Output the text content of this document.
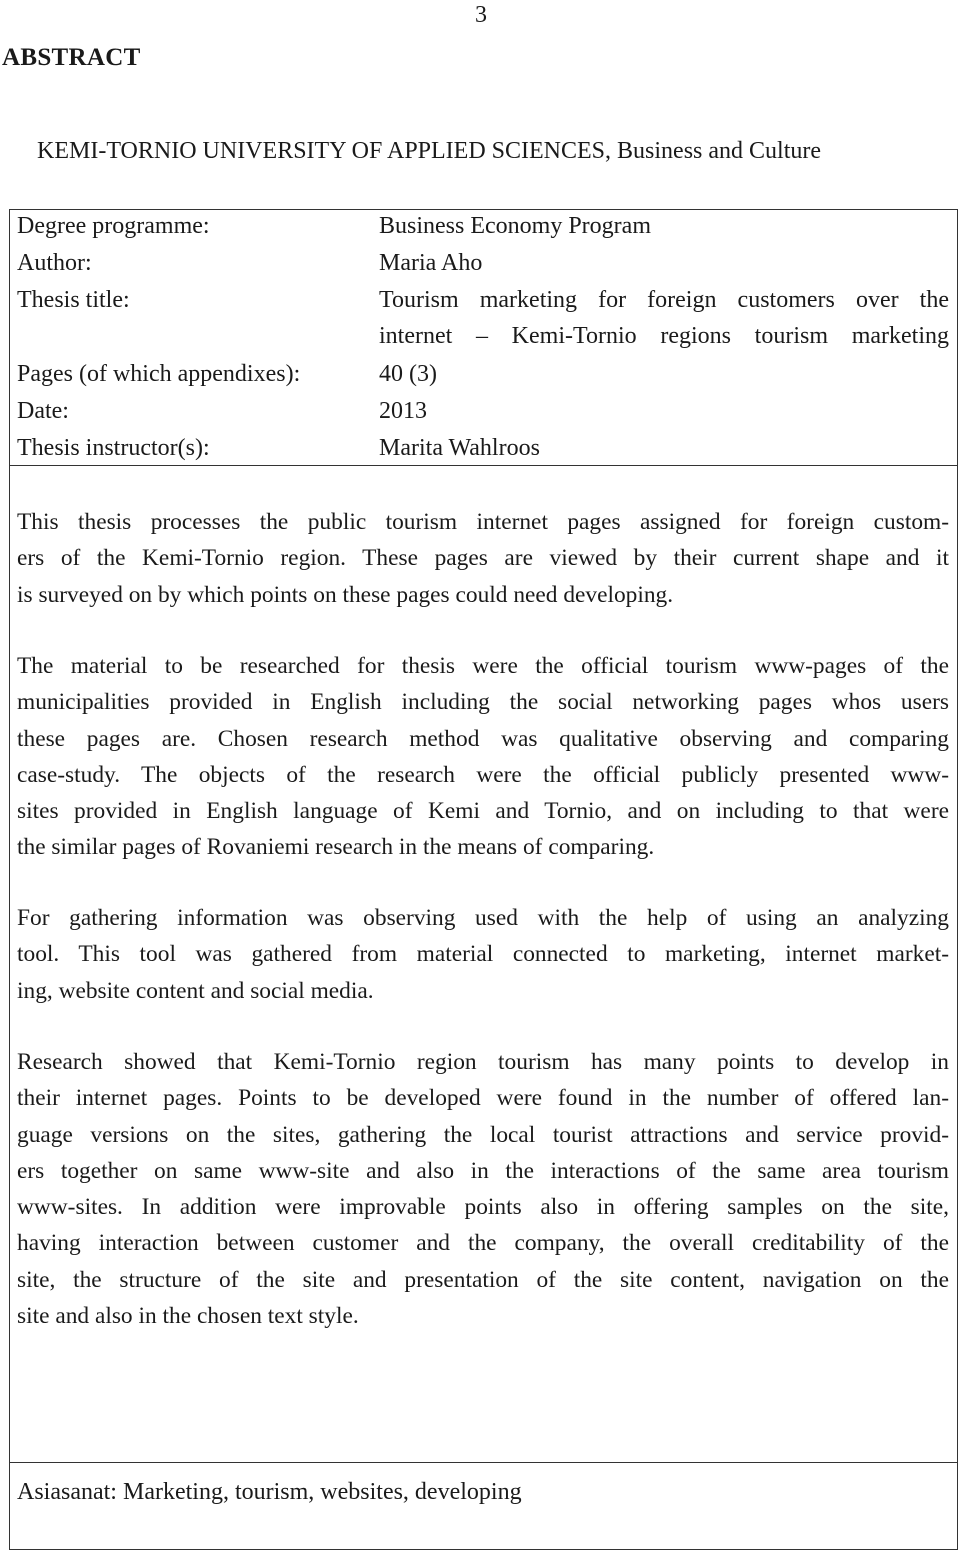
3
ABSTRACT
KEMI-TORNIO UNIVERSITY OF APPLIED SCIENCES, Business and Culture
Degree programme:	Business Economy Program
Author:	Maria Aho
Thesis title:	Tourism marketing for foreign customers over the
internet – Kemi-Tornio regions tourism marketing
Pages (of which appendixes):	40 (3)
Date:	2013
Thesis instructor(s):	Marita Wahlroos
This thesis processes the public tourism internet pages assigned for foreign custom-
ers of the Kemi-Tornio region. These pages are viewed by their current shape and it
is surveyed on by which points on these pages could need developing.
The material to be researched for thesis were the official tourism www-pages of the
municipalities provided in English including the social networking pages whos users
these pages are. Chosen research method was qualitative observing and comparing
case-study. The objects of the research were the official publicly presented www-
sites provided in English language of Kemi and Tornio, and on including to that were
the similar pages of Rovaniemi research in the means of comparing.
For gathering information was observing used with the help of using an analyzing
tool. This tool was gathered from material connected to marketing, internet market-
ing, website content and social media.
Research showed that Kemi-Tornio region tourism has many points to develop in
their internet pages. Points to be developed were found in the number of offered lan-
guage versions on the sites, gathering the local tourist attractions and service provid-
ers together on same www-site and also in the interactions of the same area tourism
www-sites. In addition were improvable points also in offering samples on the site,
having interaction between customer and the company, the overall creditability of the
site, the structure of the site and presentation of the site content, navigation on the
site and also in the chosen text style.
Asiasanat: Marketing, tourism, websites, developing
